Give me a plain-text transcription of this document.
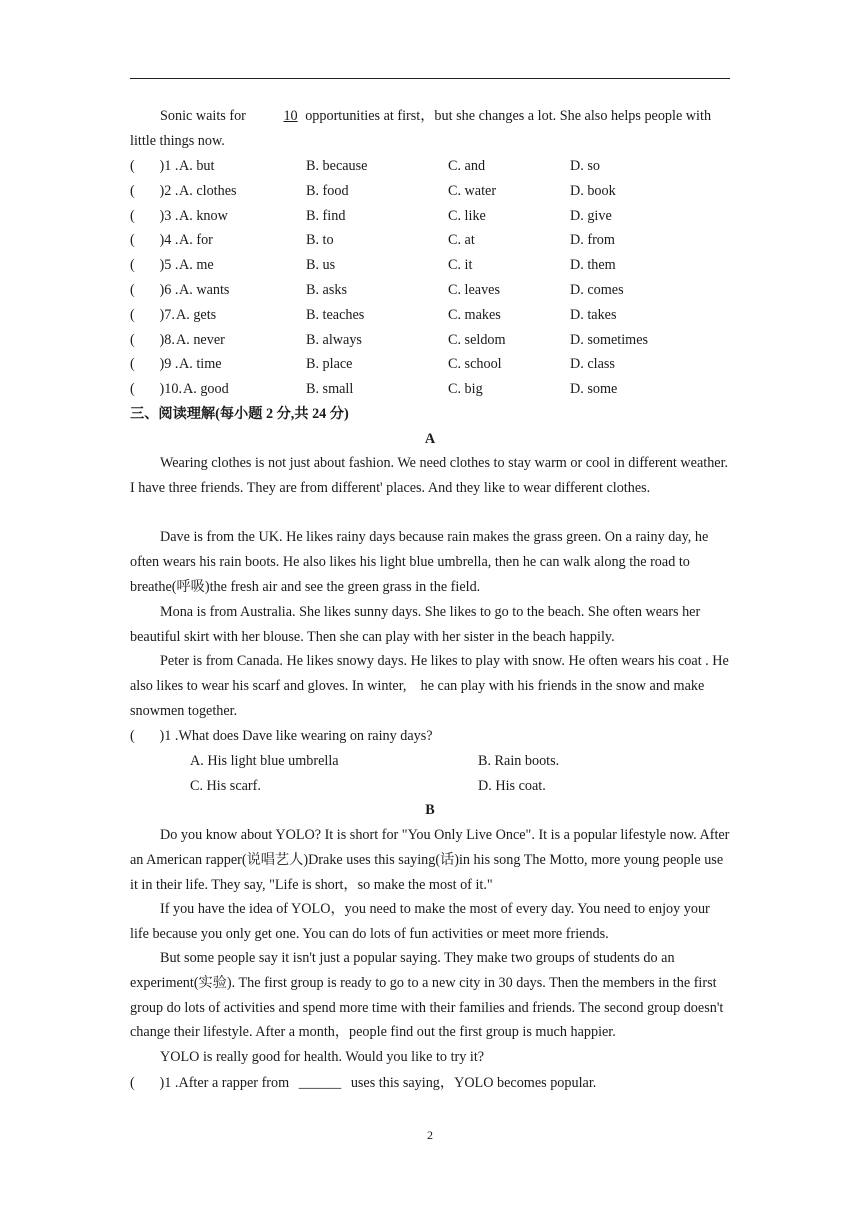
Sonic waits for	10 opportunities at first，but she changes a lot. She also helps people with little things now.

(       )1 . A. but	B. because	C. and	D. so
(       )2 . A. clothes	B. food	C. water	D. book
(       )3 . A. know	B. find	C. like	D. give
(       )4 . A. for	B. to	C. at	D. from
(       )5 . A. me	B. us	C. it	D. them
(       )6 . A. wants	B. asks	C. leaves	D. comes
(       )7. A. gets	B. teaches	C. makes	D. takes
(       )8. A. never	B. always	C. seldom	D. sometimes
(       )9 . A. time	B. place	C. school	D. class
(       )10. A. good	B. small	C. big	D. some
三、阅读理解(每小题 2 分,共 24 分)
A

Wearing clothes is not just about fashion. We need clothes to stay warm or cool in different weather. I have three friends. They are from different' places. And they like to wear different clothes.

Dave is from the UK. He likes rainy days because rain makes the grass green. On a rainy day, he often wears his rain boots. He also likes his light blue umbrella, then he can walk along the road to breathe(呼吸)the fresh air and see the green grass in the field.

Mona is from Australia. She likes sunny days. She likes to go to the beach. She often wears her beautiful skirt with her blouse. Then she can play with her sister in the beach happily.

Peter is from Canada. He likes snowy days. He likes to play with snow. He often wears his coat . He also likes to wear his scarf and gloves. In winter,    he can play with his friends in the snow and make snowmen together.

(       )1 .What does Dave like wearing on rainy days?
A. His light blue umbrella	B. Rain boots.
C. His scarf.	D. His coat.
B

Do you know about YOLO? It is short for "You Only Live Once". It is a popular lifestyle now. After an American rapper(说唱艺人)Drake uses this saying(话)in his song The Motto, more young people use it in their life. They say, "Life is short，so make the most of it."

If you have the idea of YOLO，you need to make the most of every day. You need to enjoy your life because you only get one. You can do lots of fun activities or meet more friends.

But some people say it isn't just a popular saying. They make two groups of students do an experiment(实验). The first group is ready to go to a new city in 30 days. Then the members in the first group do lots of activities and spend more time with their families and friends. The second group doesn't change their lifestyle. After a month，people find out the first group is much happier.

YOLO is really good for health. Would you like to try it?

(       )1 .After a rapper from ______ uses this saying，YOLO becomes popular.
2
